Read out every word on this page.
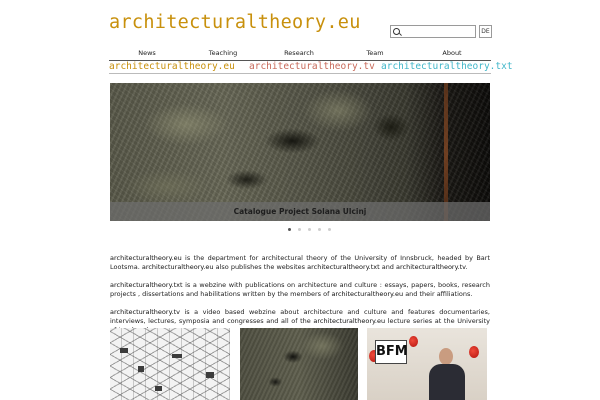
architecturaltheory.eu	DE
News	Teaching	Research	Team	About
architecturaltheory.eu architecturaltheory.tv architecturaltheory.txt
Catalogue Project Solana Ulcinj

architecturaltheory.eu is the department for architectural theory of the University of Innsbruck, headed by Bart Lootsma. architecturaltheory.eu also publishes the websites architecturaltheory.txt and architecturaltheory.tv.

architecturaltheory.txt is a webzine with publications on architecture and culture : essays, papers, books, research projects , dissertations and habilitations written by the members of architecturaltheory.eu and their affiliations.

architecturaltheory.tv is a video based webzine about architecture and culture and features documentaries, interviews, lectures, symposia and congresses and all of the architecturaltheory.eu lecture series at the University

BFM
